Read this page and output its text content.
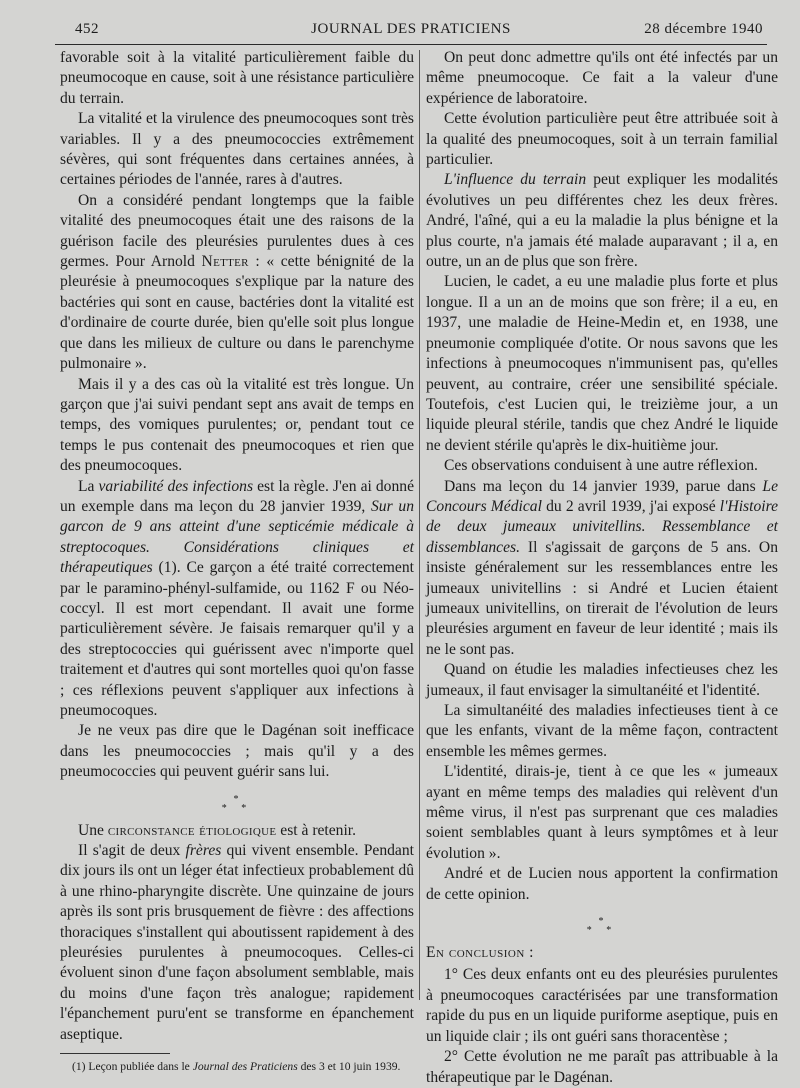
452	JOURNAL DES PRATICIENS	28 décembre 1940

favorable soit à la vitalité particulièrement faible du pneumocoque en cause, soit à une résistance particulière du terrain.

La vitalité et la virulence des pneumocoques sont très variables. Il y a des pneumococcies extrêmement sévères, qui sont fréquentes dans certaines années, à certaines périodes de l'année, rares à d'autres.

On a considéré pendant longtemps que la faible vitalité des pneumocoques était une des raisons de la guérison facile des pleurésies purulentes dues à ces germes. Pour Arnold Netter : « cette bénignité de la pleurésie à pneumocoques s'explique par la nature des bactéries qui sont en cause, bactéries dont la vitalité est d'ordinaire de courte durée, bien qu'elle soit plus longue que dans les milieux de culture ou dans le parenchyme pulmonaire ».

Mais il y a des cas où la vitalité est très longue. Un garçon que j'ai suivi pendant sept ans avait de temps en temps, des vomiques purulentes; or, pendant tout ce temps le pus contenait des pneumocoques et rien que des pneumocoques.

La variabilité des infections est la règle. J'en ai donné un exemple dans ma leçon du 28 janvier 1939, Sur un garcon de 9 ans atteint d'une septicémie médicale à streptocoques. Considérations cliniques et thérapeutiques (1). Ce garçon a été traité correctement par le paramino-phényl-sulfamide, ou 1162 F ou Néo-coccyl. Il est mort cependant. Il avait une forme particulièrement sévère. Je faisais remarquer qu'il y a des streptococcies qui guérissent avec n'importe quel traitement et d'autres qui sont mortelles quoi qu'on fasse ; ces réflexions peuvent s'appliquer aux infections à pneumocoques.

Je ne veux pas dire que le Dagénan soit inefficace dans les pneumococcies ; mais qu'il y a des pneumococcies qui peuvent guérir sans lui.

*
* *

Une circonstance étiologique est à retenir.

Il s'agit de deux frères qui vivent ensemble. Pendant dix jours ils ont un léger état infectieux probablement dû à une rhino-pharyngite discrète. Une quinzaine de jours après ils sont pris brusquement de fièvre : des affections thoraciques s'installent qui aboutissent rapidement à des pleurésies purulentes à pneumocoques. Celles-ci évoluent sinon d'une façon absolument semblable, mais du moins d'une façon très analogue; rapidement l'épanchement puru'ent se transforme en épanchement aseptique.

(1) Leçon publiée dans le Journal des Praticiens des 3 et 10 juin 1939.

On peut donc admettre qu'ils ont été infectés par un même pneumocoque. Ce fait a la valeur d'une expérience de laboratoire.

Cette évolution particulière peut être attribuée soit à la qualité des pneumocoques, soit à un terrain familial particulier.

L'influence du terrain peut expliquer les modalités évolutives un peu différentes chez les deux frères. André, l'aîné, qui a eu la maladie la plus bénigne et la plus courte, n'a jamais été malade auparavant ; il a, en outre, un an de plus que son frère.

Lucien, le cadet, a eu une maladie plus forte et plus longue. Il a un an de moins que son frère; il a eu, en 1937, une maladie de Heine-Medin et, en 1938, une pneumonie compliquée d'otite. Or nous savons que les infections à pneumocoques n'immunisent pas, qu'elles peuvent, au contraire, créer une sensibilité spéciale. Toutefois, c'est Lucien qui, le treizième jour, a un liquide pleural stérile, tandis que chez André le liquide ne devient stérile qu'après le dix-huitième jour.

Ces observations conduisent à une autre réflexion.

Dans ma leçon du 14 janvier 1939, parue dans Le Concours Médical du 2 avril 1939, j'ai exposé l'Histoire de deux jumeaux univitellins. Ressemblance et dissemblances. Il s'agissait de garçons de 5 ans. On insiste généralement sur les ressemblances entre les jumeaux univitellins : si André et Lucien étaient jumeaux univitellins, on tirerait de l'évolution de leurs pleurésies argument en faveur de leur identité ; mais ils ne le sont pas.

Quand on étudie les maladies infectieuses chez les jumeaux, il faut envisager la simultanéité et l'identité.

La simultanéité des maladies infectieuses tient à ce que les enfants, vivant de la même façon, contractent ensemble les mêmes germes.

L'identité, dirais-je, tient à ce que les « jumeaux ayant en même temps des maladies qui relèvent d'un même virus, il n'est pas surprenant que ces maladies soient semblables quant à leurs symptômes et à leur évolution ».

André et de Lucien nous apportent la confirmation de cette opinion.

*
* *

En conclusion :

1° Ces deux enfants ont eu des pleurésies purulentes à pneumocoques caractérisées par une transformation rapide du pus en un liquide puriforme aseptique, puis en un liquide clair ; ils ont guéri sans thoracentèse ;

2° Cette évolution ne me paraît pas attribuable à la thérapeutique par le Dagénan.
